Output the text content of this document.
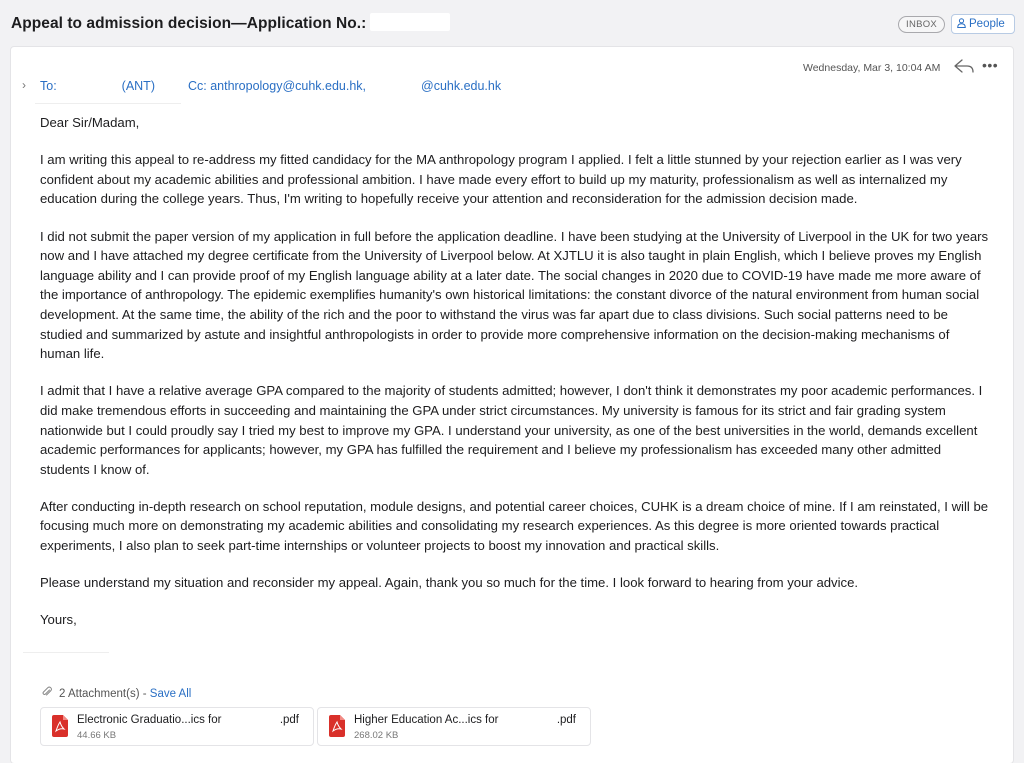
Appeal to admission decision—Application No.:	INBOX	People
› To:	(ANT)	Cc: anthropology@cuhk.edu.hk,	@cuhk.edu.hk
Wednesday, Mar 3, 10:04 AM	•••

Dear Sir/Madam,

I am writing this appeal to re-address my fitted candidacy for the MA anthropology program I applied. I felt a little stunned by your rejection earlier as I was very confident about my academic abilities and professional ambition. I have made every effort to build up my maturity, professionalism as well as internalized my education during the college years. Thus, I'm writing to hopefully receive your attention and reconsideration for the admission decision made.

I did not submit the paper version of my application in full before the application deadline. I have been studying at the University of Liverpool in the UK for two years now and I have attached my degree certificate from the University of Liverpool below. At XJTLU it is also taught in plain English, which I believe proves my English language ability and I can provide proof of my English language ability at a later date. The social changes in 2020 due to COVID-19 have made me more aware of the importance of anthropology. The epidemic exemplifies humanity's own historical limitations: the constant divorce of the natural environment from human social development. At the same time, the ability of the rich and the poor to withstand the virus was far apart due to class divisions. Such social patterns need to be studied and summarized by astute and insightful anthropologists in order to provide more comprehensive information on the decision-making mechanisms of human life.

I admit that I have a relative average GPA compared to the majority of students admitted; however, I don't think it demonstrates my poor academic performances. I did make tremendous efforts in succeeding and maintaining the GPA under strict circumstances. My university is famous for its strict and fair grading system nationwide but I could proudly say I tried my best to improve my GPA. I understand your university, as one of the best universities in the world, demands excellent academic performances for applicants; however, my GPA has fulfilled the requirement and I believe my professionalism has exceeded many other admitted students I know of.

After conducting in-depth research on school reputation, module designs, and potential career choices, CUHK is a dream choice of mine. If I am reinstated, I will be focusing much more on demonstrating my academic abilities and consolidating my research experiences. As this degree is more oriented towards practical experiments, I also plan to seek part-time internships or volunteer projects to boost my innovation and practical skills.

Please understand my situation and reconsider my appeal. Again, thank you so much for the time. I look forward to hearing from your advice.

Yours,

2 Attachment(s) - Save All
Electronic Graduatio...ics for	.pdf
44.66 KB
Higher Education Ac...ics for	.pdf
268.02 KB
